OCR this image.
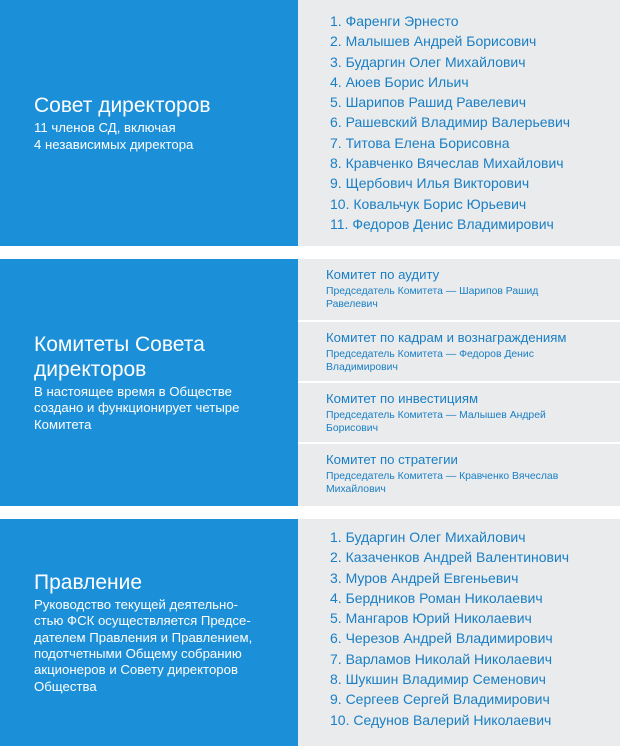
Совет директоров
11 членов СД, включая
4 независимых директора
1. Фаренги Эрнесто
2. Малышев Андрей Борисович
3. Бударгин Олег Михайлович
4. Аюев Борис Ильич
5. Шарипов Рашид Равелевич
6. Рашевский Владимир Валерьевич
7. Титова Елена Борисовна
8. Кравченко Вячеслав Михайлович
9. Щербович Илья Викторович
10. Ковальчук Борис Юрьевич
11. Федоров Денис Владимирович
Комитеты Совета
директоров
В настоящее время в Обществе
создано и функционирует четыре
Комитета
Комитет по аудиту
Председатель Комитета — Шарипов Рашид
Равелевич
Комитет по кадрам и вознаграждениям
Председатель Комитета — Федоров Денис
Владимирович
Комитет по инвестициям
Председатель Комитета — Малышев Андрей
Борисович
Комитет по стратегии
Председатель Комитета — Кравченко Вячеслав
Михайлович
Правление
Руководство текущей деятельно-
стью ФСК осуществляется Предсе-
дателем Правления и Правлением,
подотчетными Общему собранию
акционеров и Совету директоров
Общества
1. Бударгин Олег Михайлович
2. Казаченков Андрей Валентинович
3. Муров Андрей Евгеньевич
4. Бердников Роман Николаевич
5. Мангаров Юрий Николаевич
6. Черезов Андрей Владимирович
7. Варламов Николай Николаевич
8. Шукшин Владимир Семенович
9. Сергеев Сергей Владимирович
10. Седунов Валерий Николаевич
